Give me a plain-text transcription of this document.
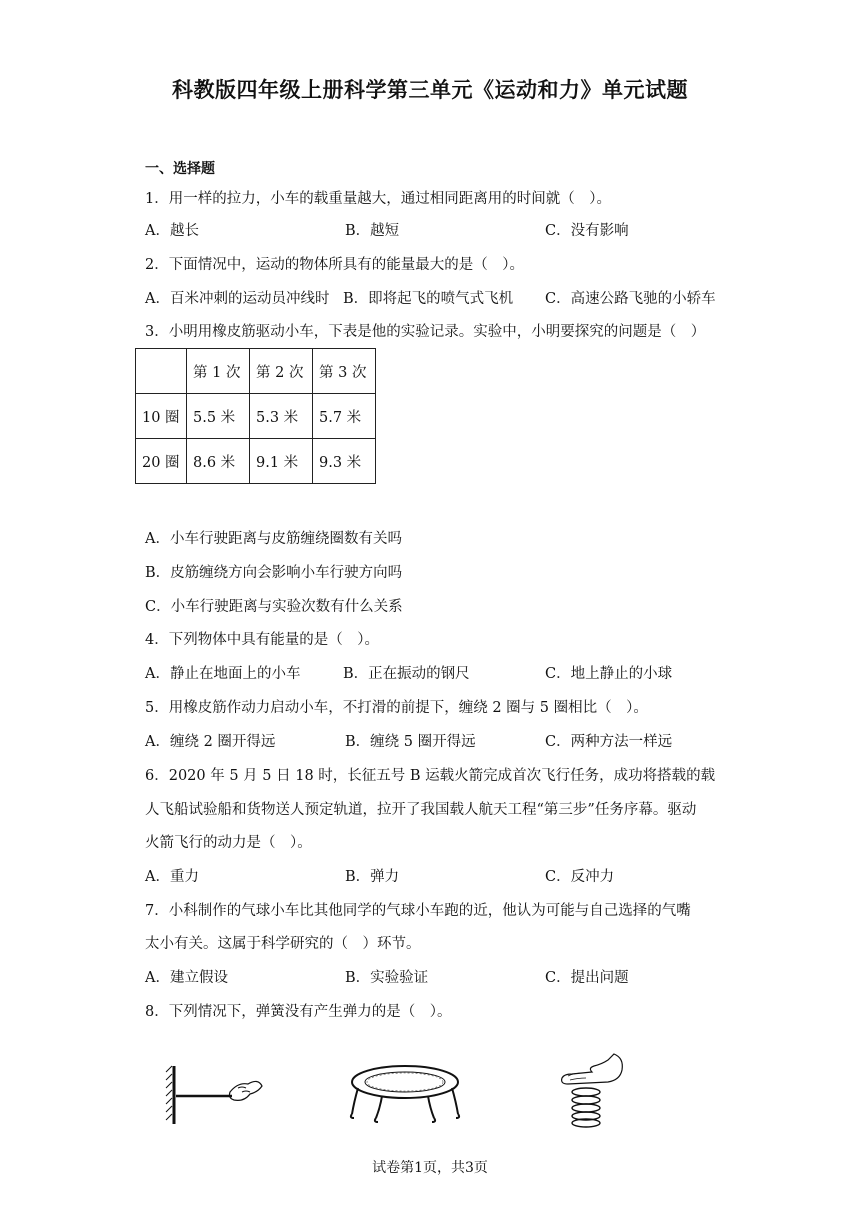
科教版四年级上册科学第三单元《运动和力》单元试题
一、选择题
1．用一样的拉力，小车的载重量越大，通过相同距离用的时间就（　）。
A．越长	B．越短	C．没有影响
2．下面情况中，运动的物体所具有的能量最大的是（　）。
A．百米冲刺的运动员冲线时 B．即将起飞的喷气式飞机 C．高速公路飞驰的小轿车
3．小明用橡皮筋驱动小车，下表是他的实验记录。实验中，小明要探究的问题是（　）
	第 1 次	第 2 次	第 3 次
10 圈	5.5 米	5.3 米	5.7 米
20 圈	8.6 米	9.1 米	9.3 米
A．小车行驶距离与皮筋缠绕圈数有关吗
B．皮筋缠绕方向会影响小车行驶方向吗
C．小车行驶距离与实验次数有什么关系
4．下列物体中具有能量的是（　）。
A．静止在地面上的小车	B．正在振动的钢尺	C．地上静止的小球
5．用橡皮筋作动力启动小车，不打滑的前提下，缠绕 2 圈与 5 圈相比（　）。
A．缠绕 2 圈开得远	B．缠绕 5 圈开得远	C．两种方法一样远
6．2020 年 5 月 5 日 18 时，长征五号 B 运载火箭完成首次飞行任务，成功将搭载的载
人飞船试验船和货物送人预定轨道，拉开了我国载人航天工程“第三步”任务序幕。驱动
火箭飞行的动力是（　）。
A．重力	B．弹力	C．反冲力
7．小科制作的气球小车比其他同学的气球小车跑的近，他认为可能与自己选择的气嘴
太小有关。这属于科学研究的（　）环节。
A．建立假设	B．实验验证	C．提出问题
8．下列情况下，弹簧没有产生弹力的是（　）。
试卷第1页，共3页
